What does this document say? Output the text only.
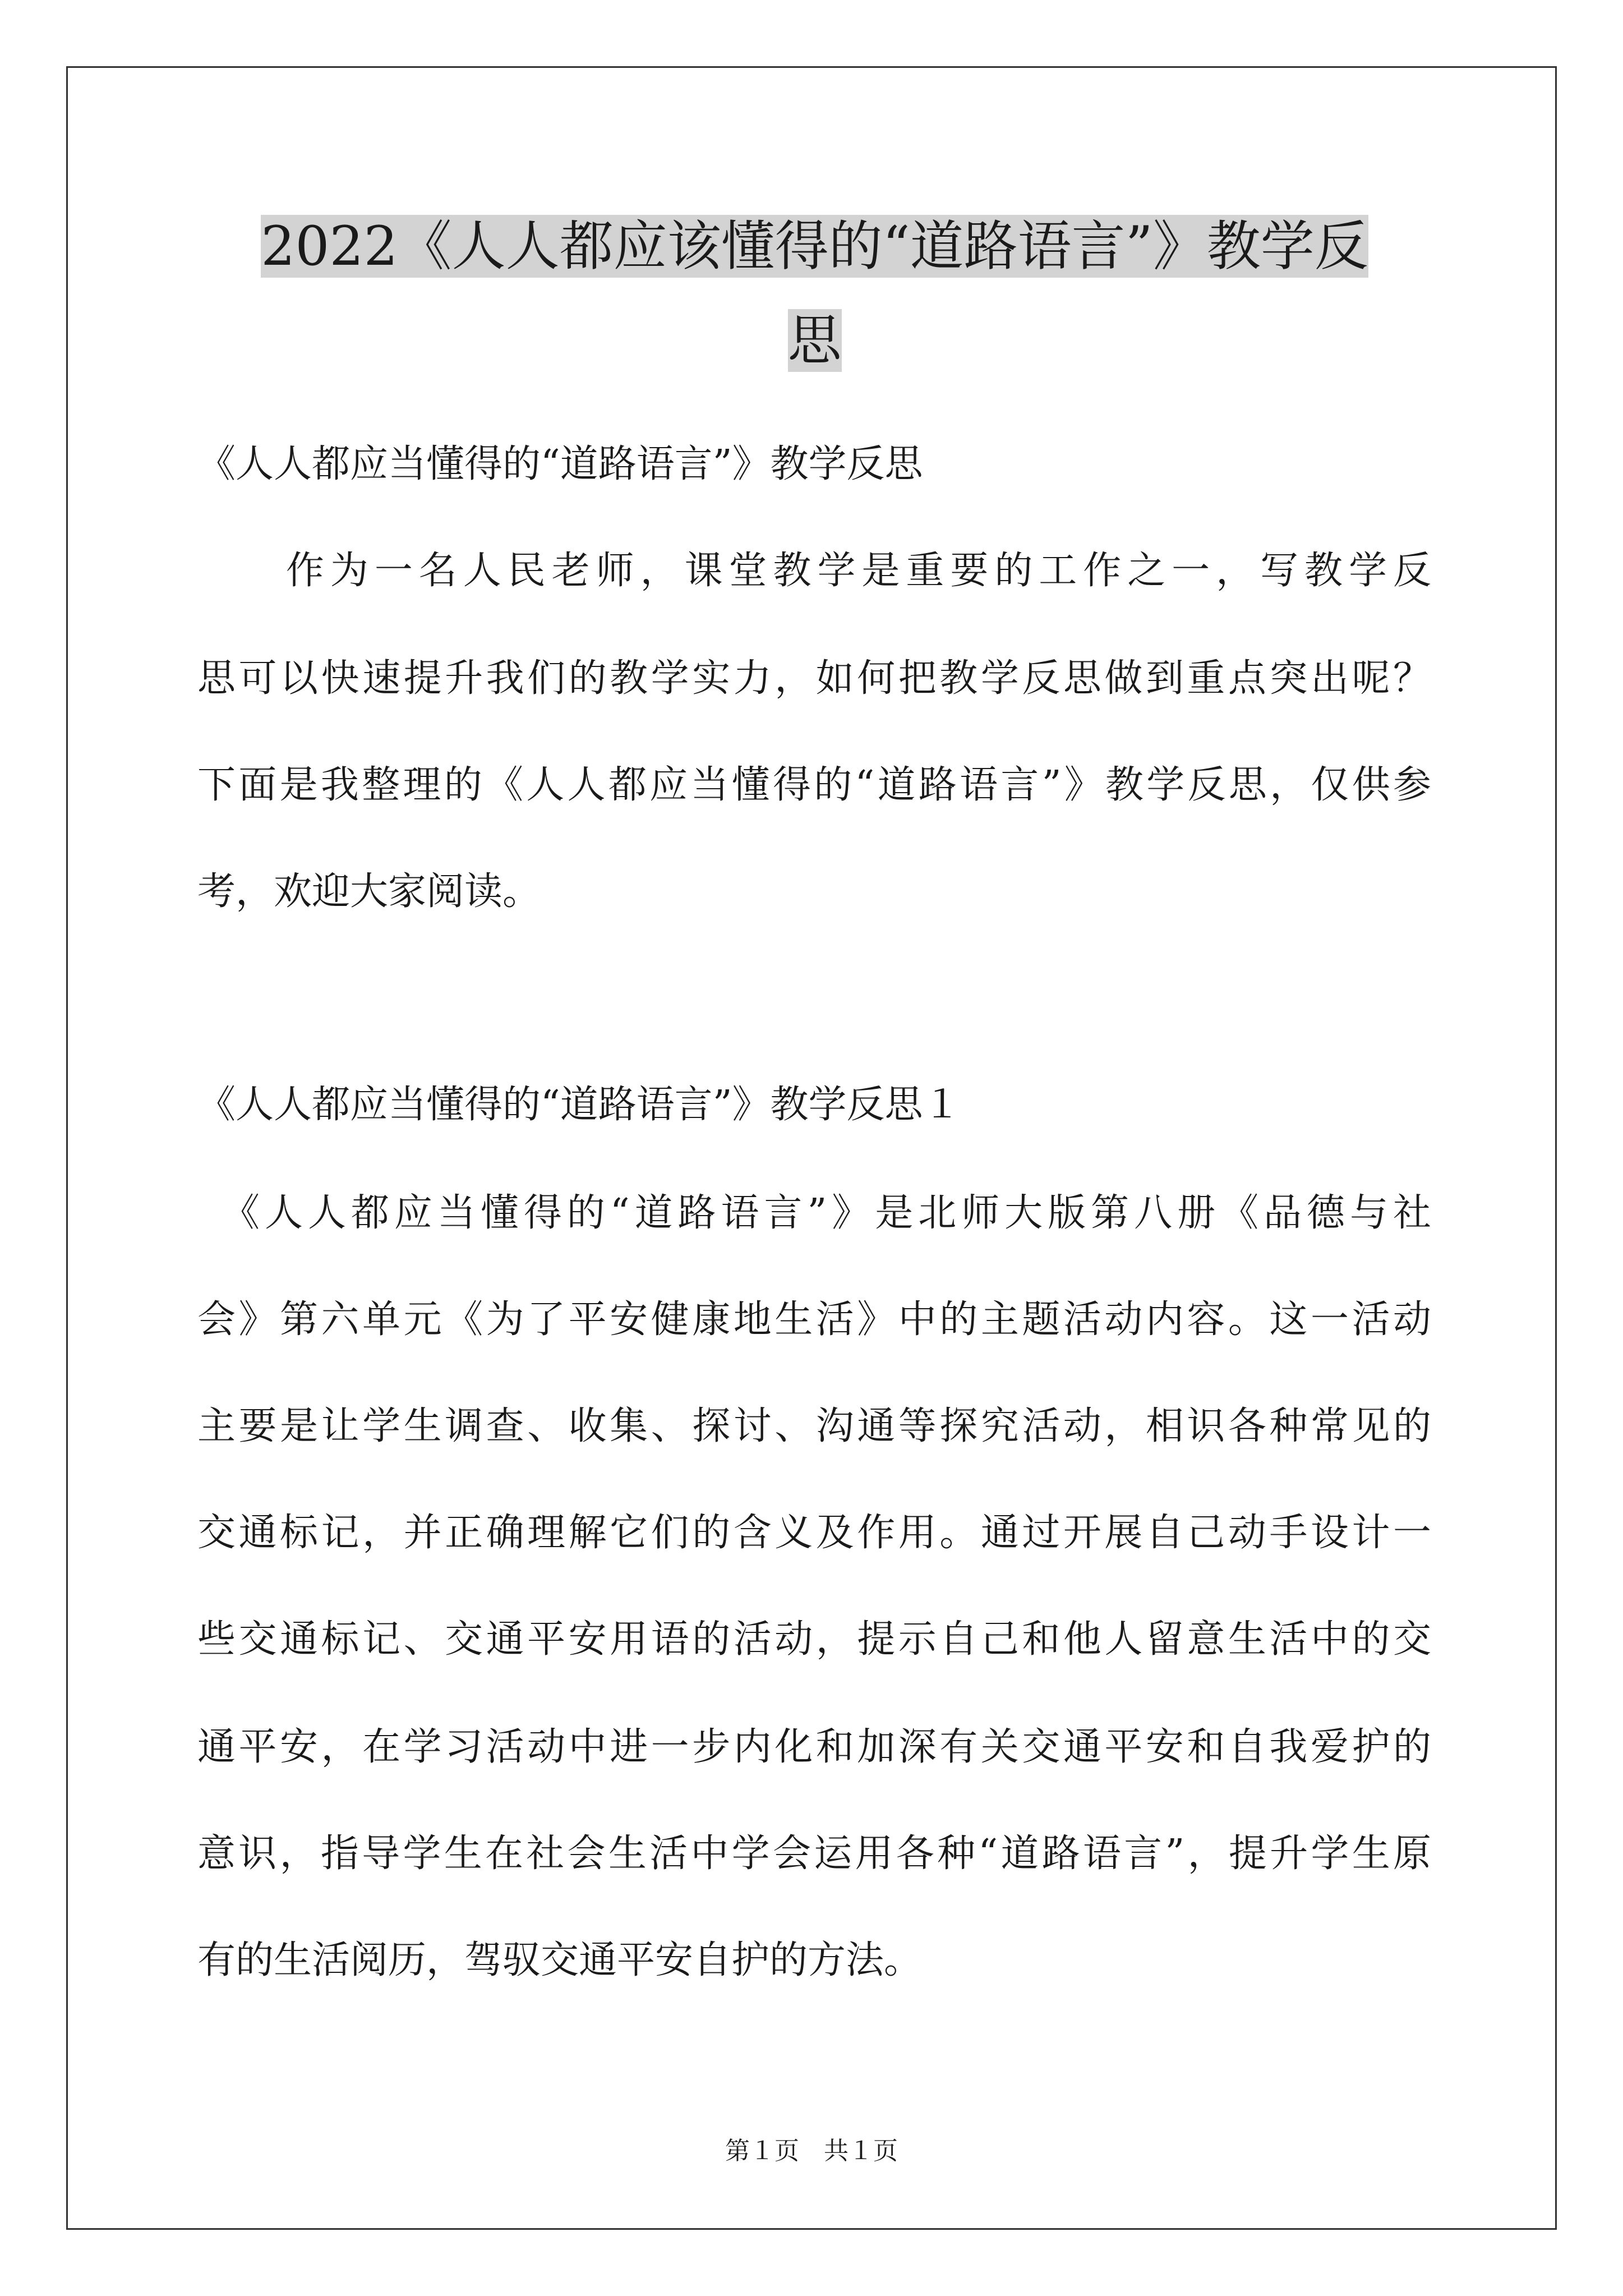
2022《人人都应该懂得的“道路语言”》教学反
思
《人人都应当懂得的“道路语言”》教学反思
　　作为一名人民老师，课堂教学是重要的工作之一，写教学反
思可以快速提升我们的教学实力，如何把教学反思做到重点突出呢？
下面是我整理的《人人都应当懂得的“道路语言”》教学反思，仅供参
考，欢迎大家阅读。
《人人都应当懂得的“道路语言”》教学反思１
　《人人都应当懂得的“道路语言”》是北师大版第八册《品德与社
会》第六单元《为了平安健康地生活》中的主题活动内容。这一活动
主要是让学生调查、收集、探讨、沟通等探究活动，相识各种常见的
交通标记，并正确理解它们的含义及作用。通过开展自己动手设计一
些交通标记、交通平安用语的活动，提示自己和他人留意生活中的交
通平安，在学习活动中进一步内化和加深有关交通平安和自我爱护的
意识，指导学生在社会生活中学会运用各种“道路语言”，提升学生原
有的生活阅历，驾驭交通平安自护的方法。
第１页　共１页
